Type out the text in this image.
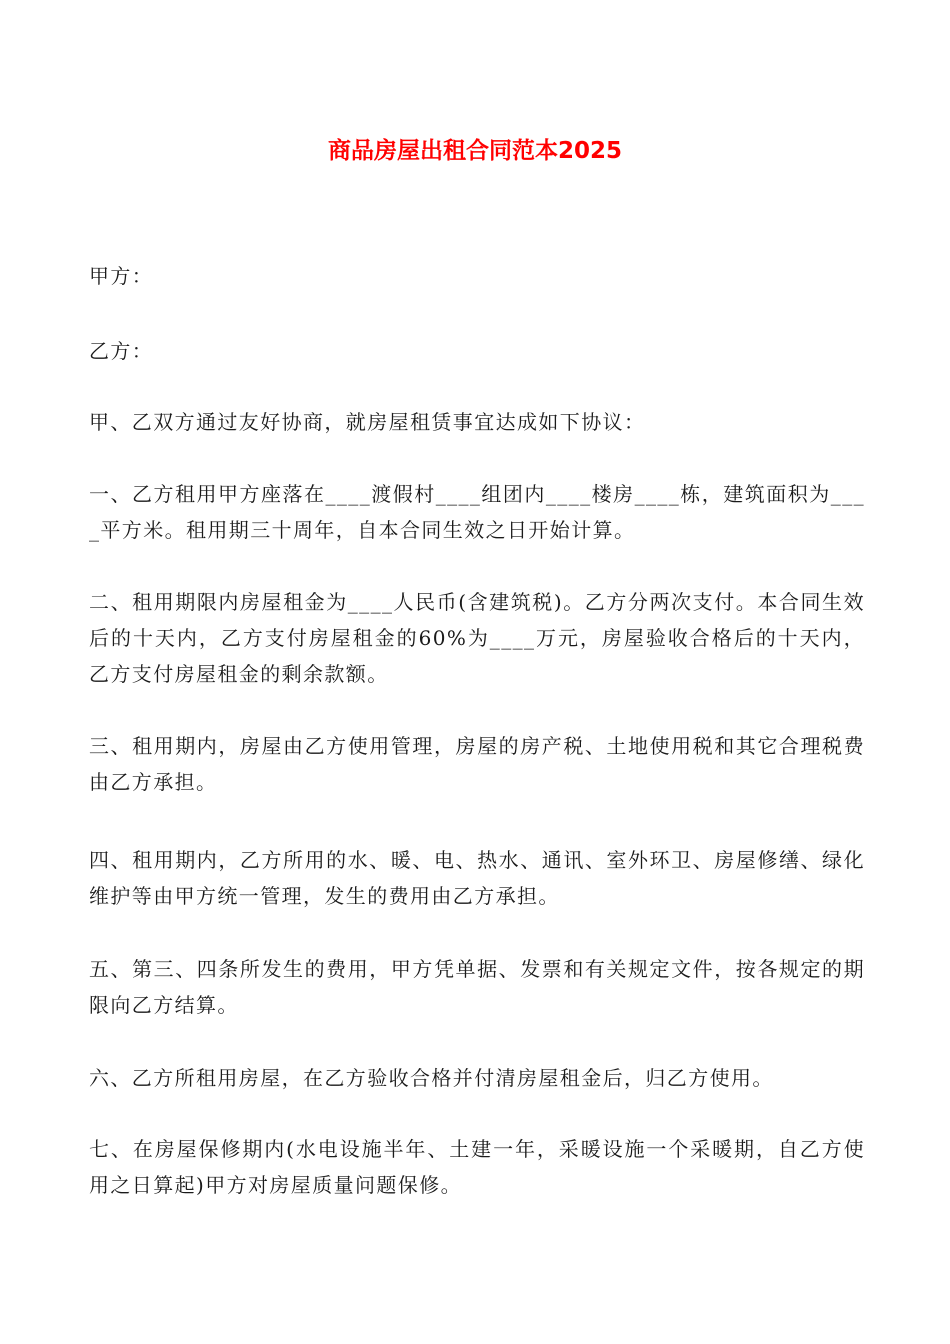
商品房屋出租合同范本2025

甲方：

乙方：

甲、乙双方通过友好协商，就房屋租赁事宜达成如下协议：

一、乙方租用甲方座落在____渡假村____组团内____楼房____栋，建筑面积为____平方米。租用期三十周年，自本合同生效之日开始计算。

二、租用期限内房屋租金为____人民币(含建筑税)。乙方分两次支付。本合同生效后的十天内，乙方支付房屋租金的60%为____万元，房屋验收合格后的十天内，乙方支付房屋租金的剩余款额。

三、租用期内，房屋由乙方使用管理，房屋的房产税、土地使用税和其它合理税费由乙方承担。

四、租用期内，乙方所用的水、暖、电、热水、通讯、室外环卫、房屋修缮、绿化维护等由甲方统一管理，发生的费用由乙方承担。

五、第三、四条所发生的费用，甲方凭单据、发票和有关规定文件，按各规定的期限向乙方结算。

六、乙方所租用房屋，在乙方验收合格并付清房屋租金后，归乙方使用。

七、在房屋保修期内(水电设施半年、土建一年，采暖设施一个采暖期，自乙方使用之日算起)甲方对房屋质量问题保修。
